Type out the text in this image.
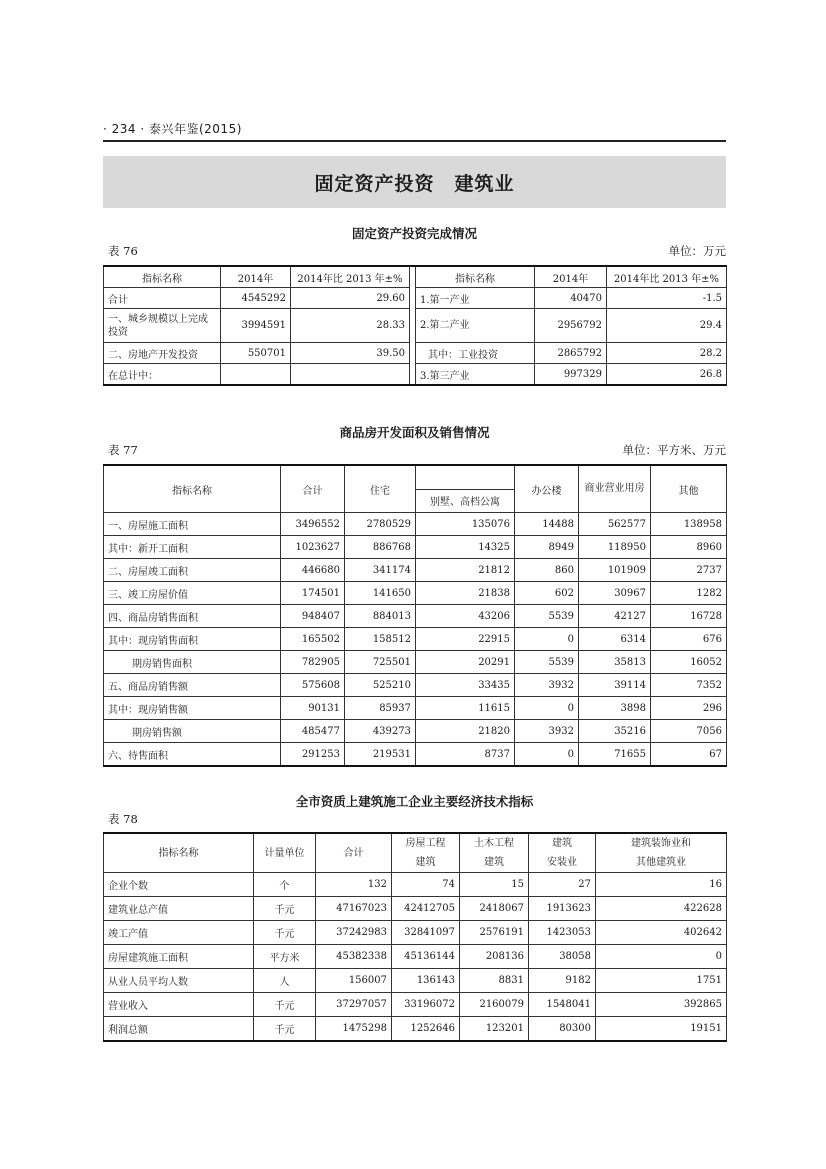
· 234 · 泰兴年鉴(2015)
固定资产投资　建筑业
固定资产投资完成情况
表 76	单位：万元
指标名称	2014年	2014年比 2013 年±%		指标名称	2014年	2014年比 2013 年±%
合计	4545292	29.60		1.第一产业	40470	-1.5
一、城乡规模以上完成投资	3994591	28.33		2.第二产业	2956792	29.4
二、房地产开发投资	550701	39.50		其中：工业投资	2865792	28.2
在总计中：				3.第三产业	997329	26.8
商品房开发面积及销售情况
表 77	单位：平方米、万元
指标名称	合计	住宅		办公楼	商业营业用房	其他
			别墅、高档公寓			
一、房屋施工面积	3496552	2780529	135076	14488	562577	138958
其中：新开工面积	1023627	886768	14325	8949	118950	8960
二、房屋竣工面积	446680	341174	21812	860	101909	2737
三、竣工房屋价值	174501	141650	21838	602	30967	1282
四、商品房销售面积	948407	884013	43206	5539	42127	16728
其中：现房销售面积	165502	158512	22915	0	6314	676
期房销售面积	782905	725501	20291	5539	35813	16052
五、商品房销售额	575608	525210	33435	3932	39114	7352
其中：现房销售额	90131	85937	11615	0	3898	296
期房销售额	485477	439273	21820	3932	35216	7056
六、待售面积	291253	219531	8737	0	71655	67
全市资质上建筑施工企业主要经济技术指标
表 78
指标名称	计量单位	合计	房屋工程	土木工程	建筑	建筑装饰业和
			建筑	建筑	安装业	其他建筑业
企业个数	个	132	74	15	27	16
建筑业总产值	千元	47167023	42412705	2418067	1913623	422628
竣工产值	千元	37242983	32841097	2576191	1423053	402642
房屋建筑施工面积	平方米	45382338	45136144	208136	38058	0
从业人员平均人数	人	156007	136143	8831	9182	1751
营业收入	千元	37297057	33196072	2160079	1548041	392865
利润总额	千元	1475298	1252646	123201	80300	19151
